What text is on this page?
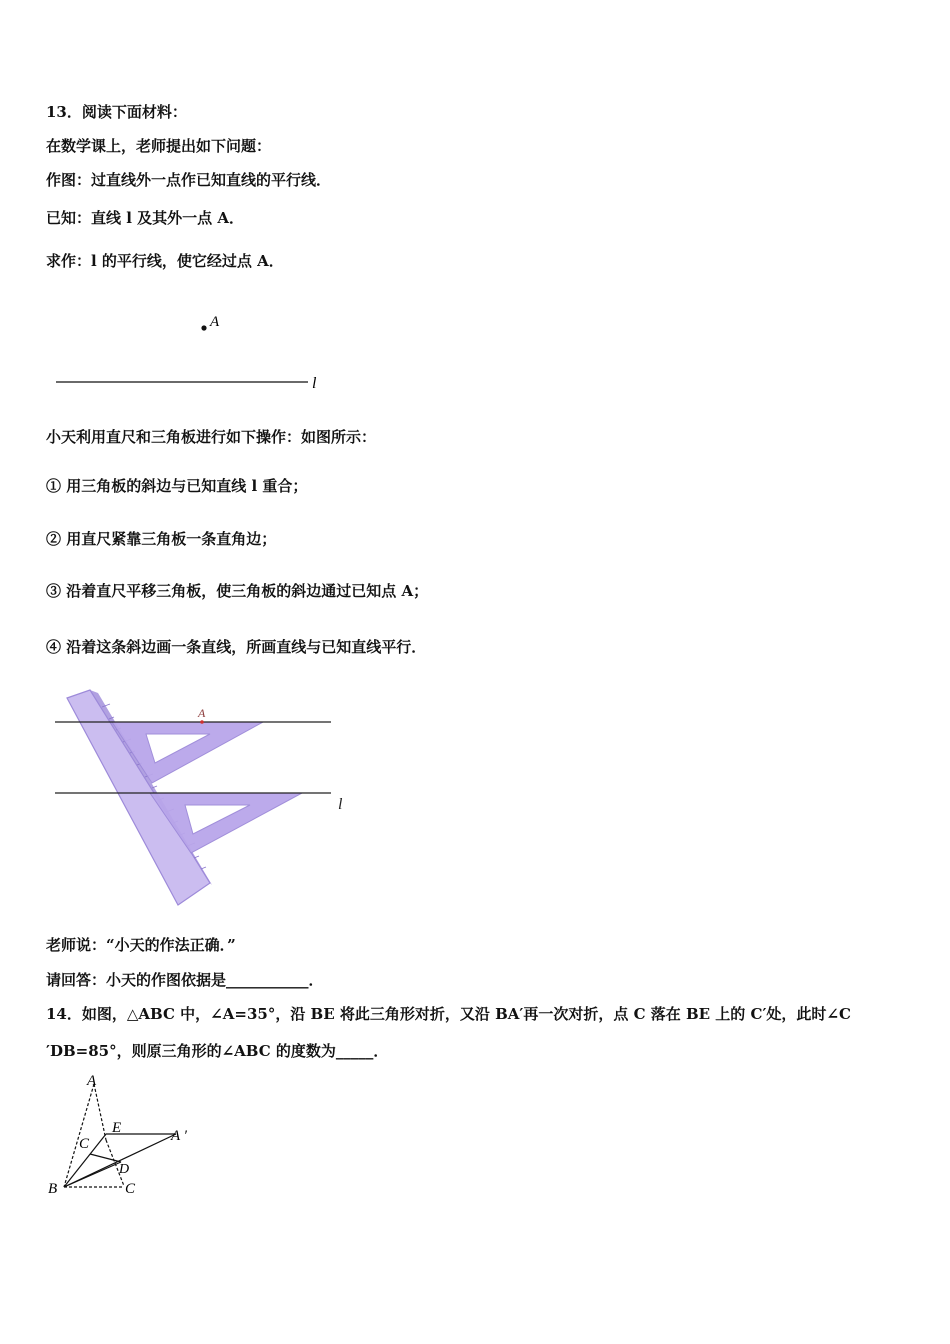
13．阅读下面材料：
在数学课上，老师提出如下问题：
作图：过直线外一点作已知直线的平行线．
已知：直线 l 及其外一点 A．
求作：l 的平行线，使它经过点 A．
A
l
小天利用直尺和三角板进行如下操作：如图所示：
① 用三角板的斜边与已知直线 l 重合；
② 用直尺紧靠三角板一条直角边；
③ 沿着直尺平移三角板，使三角板的斜边通过已知点 A；
④ 沿着这条斜边画一条直线，所画直线与已知直线平行．
A
l
老师说：“小天的作法正确．”
请回答：小天的作图依据是___________．
14．如图，△ABC 中，∠A=35°，沿 BE 将此三角形对折，又沿 BA′再一次对折，点 C 落在 BE 上的 C′处，此时∠C
′DB=85°，则原三角形的∠ABC 的度数为_____．
A
E	A ′
C
D
B	C
